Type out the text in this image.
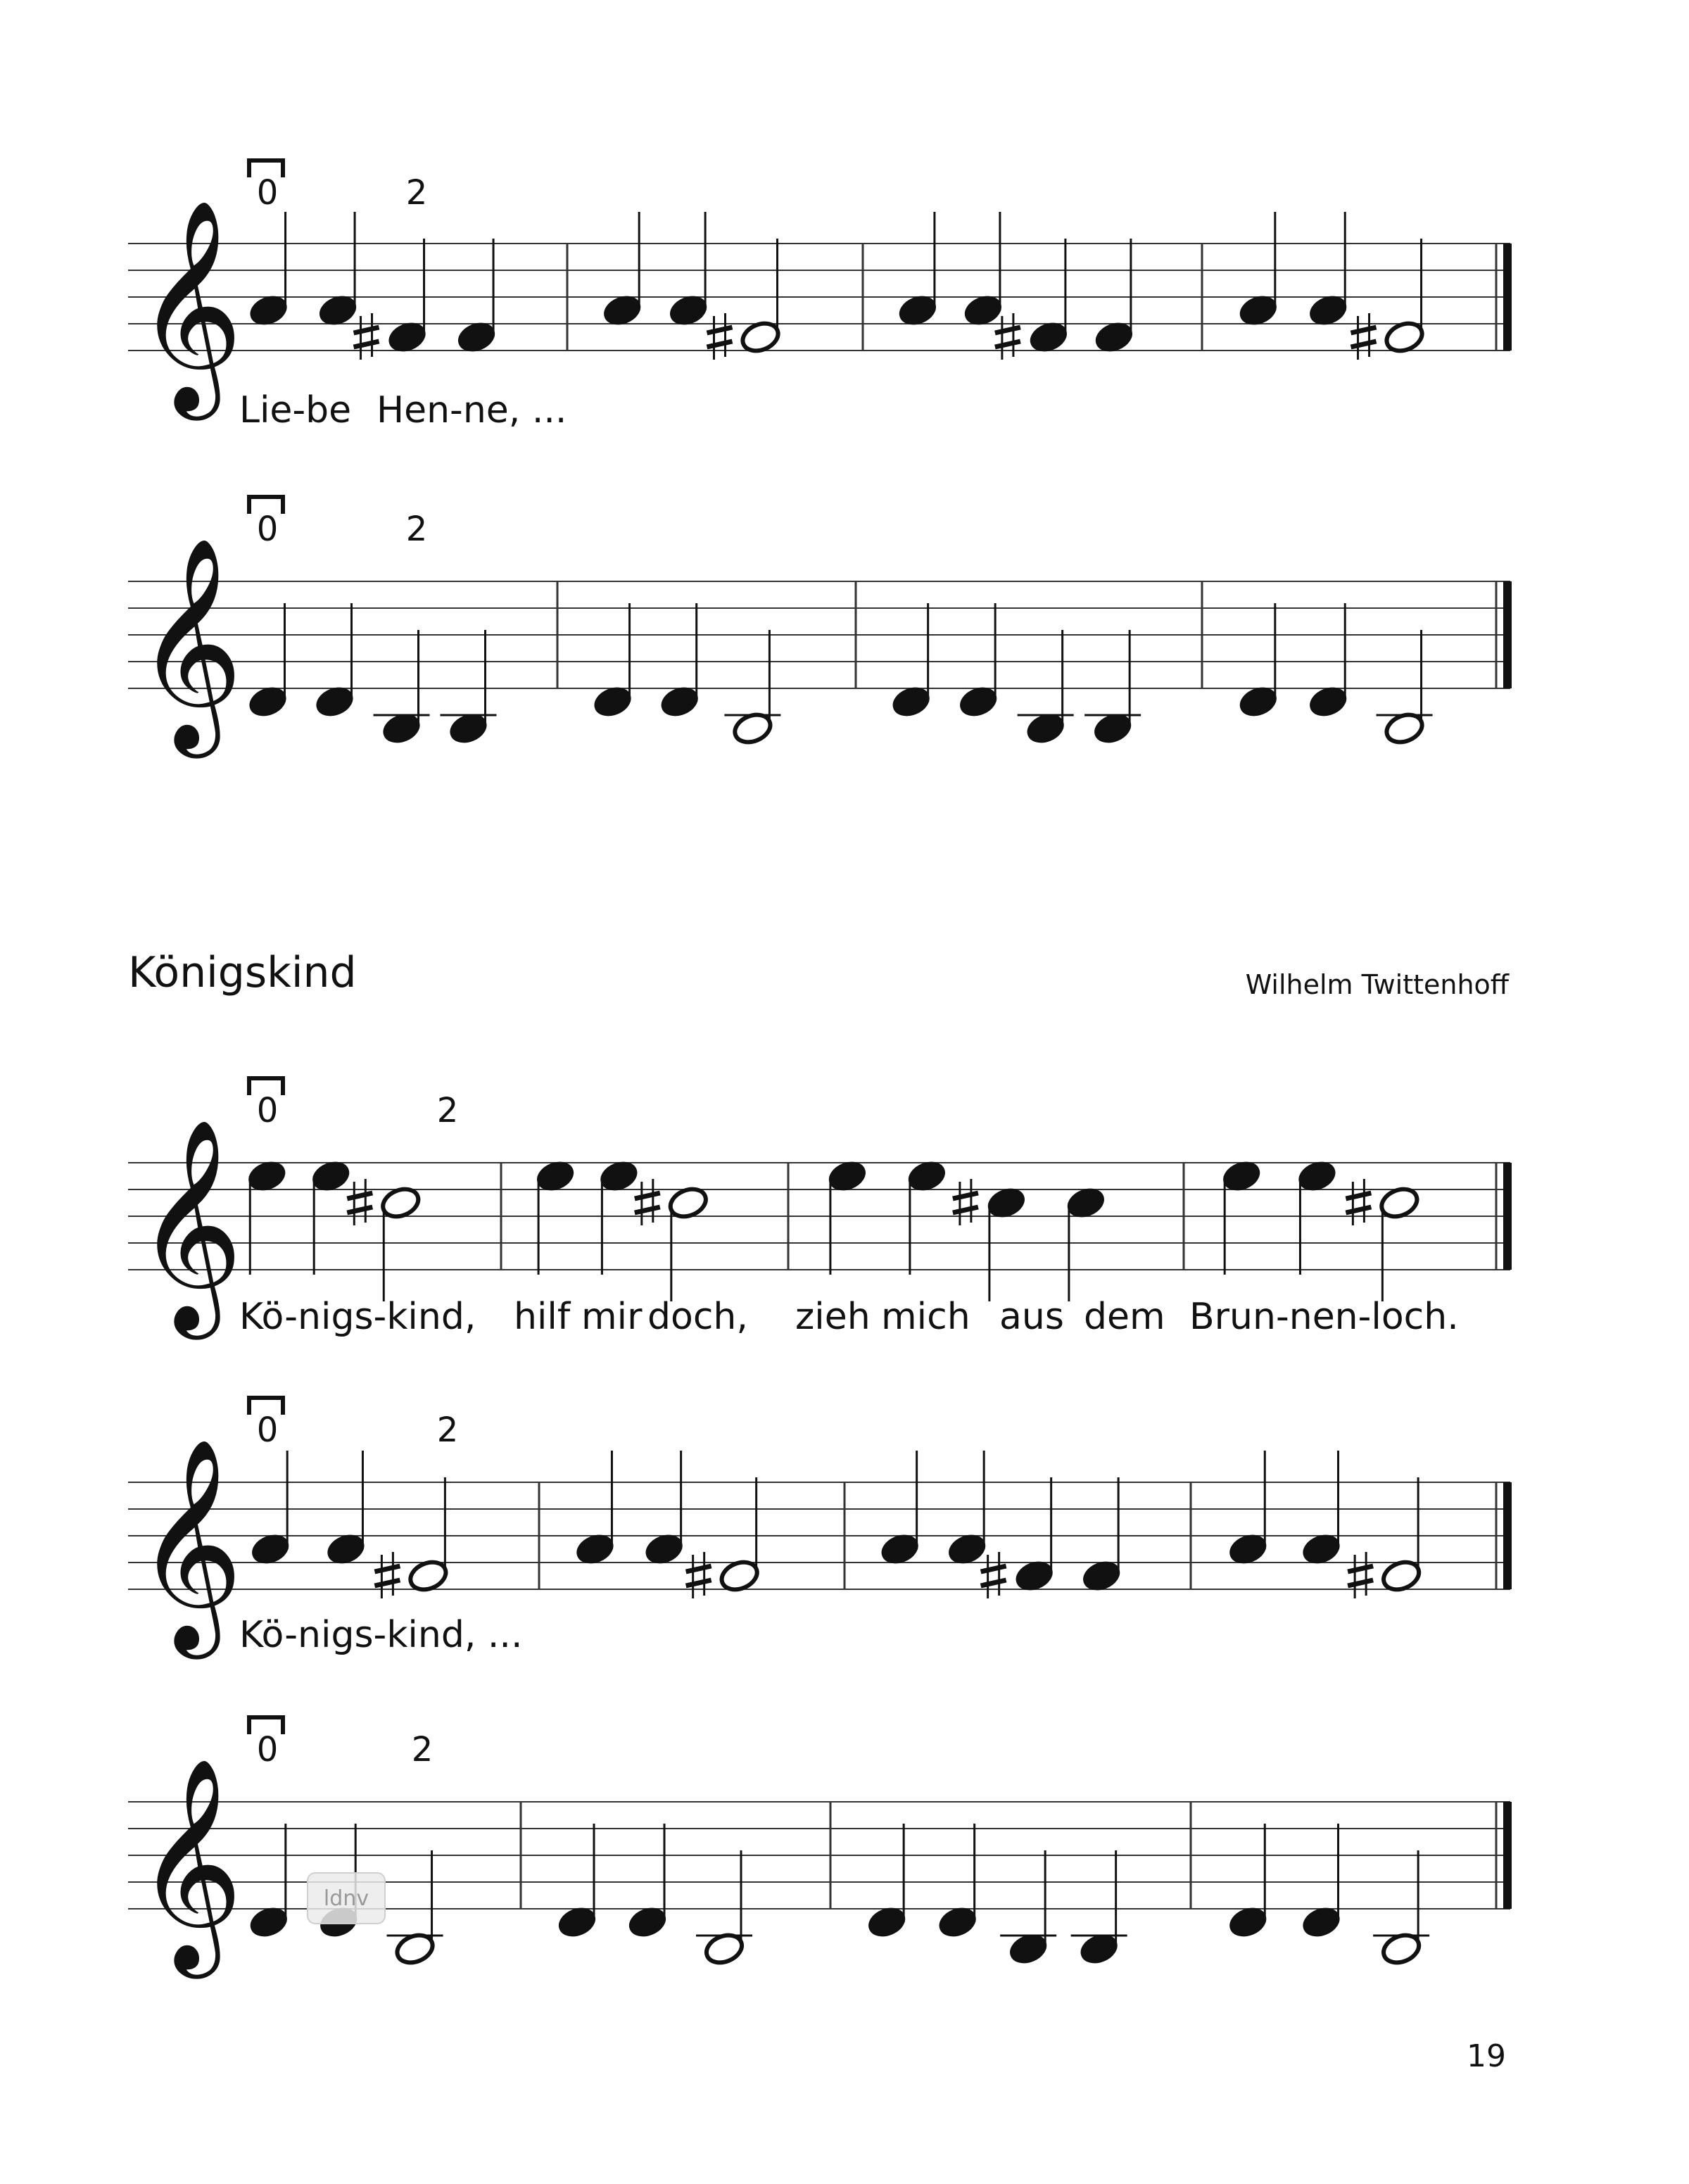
0	2
Lie-be Hen-ne, ...
𝄞
0	2
𝄞
0	2
Kö-nigs-kind, hilf mir doch, zieh mich aus dem Brun-nen-loch.
𝄞
0	2
Kö-nigs-kind, ...
𝄞
0	2
𝄞
Königskind	Wilhelm Twittenhoff
ldnv
19
